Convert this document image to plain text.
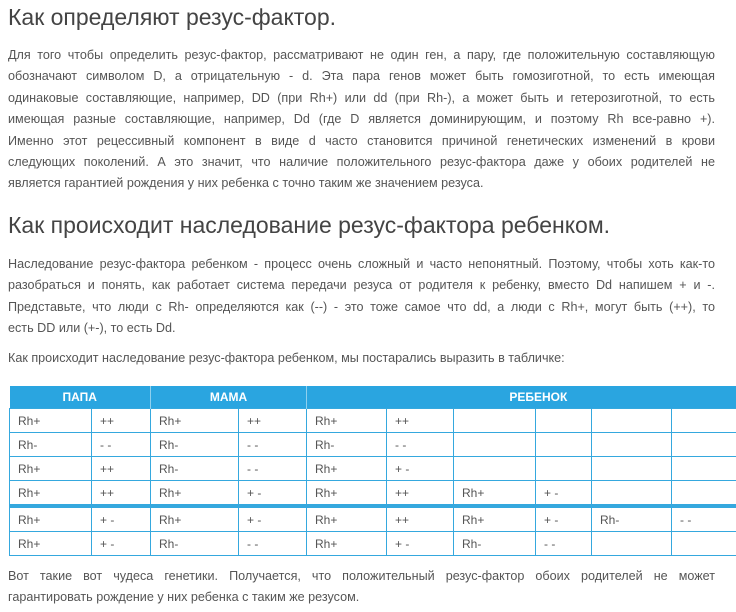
Как определяют резус-фактор.
Для того чтобы определить резус-фактор, рассматривают не один ген, а пару, где положительную составляющую
обозначают символом D, а отрицательную - d. Эта пара генов может быть гомозиготной, то есть имеющая
одинаковые составляющие, например, DD (при Rh+) или dd (при Rh-), а может быть и гетерозиготной, то есть
имеющая разные составляющие, например, Dd (где D является доминирующим, и поэтому Rh все-равно +).
Именно этот рецессивный компонент в виде d часто становится причиной генетических изменений в крови
следующих поколений. А это значит, что наличие положительного резус-фактора даже у обоих родителей не
является гарантией рождения у них ребенка с точно таким же значением резуса.
Как происходит наследование резус-фактора ребенком.
Наследование резус-фактора ребенком - процесс очень сложный и часто непонятный. Поэтому, чтобы хоть как-то
разобраться и понять, как работает система передачи резуса от родителя к ребенку, вместо Dd напишем + и -.
Представьте, что люди с Rh- определяются как (--) - это тоже самое что dd, а люди с Rh+, могут быть (++), то
есть DD или (+-), то есть Dd.
Как происходит наследование резус-фактора ребенком, мы постарались выразить в табличке:
ПАПА		МАМА		РЕБЕНОК					
Rh+	++	Rh+	++	Rh+	++				
Rh-	- -	Rh-	- -	Rh-	- -				
Rh+	++	Rh-	- -	Rh+	+ -				
Rh+	++	Rh+	+ -	Rh+	++	Rh+	+ -		
Rh+	+ -	Rh+	+ -	Rh+	++	Rh+	+ -	Rh-	- -
Rh+	+ -	Rh-	- -	Rh+	+ -	Rh-	- -		
Вот такие вот чудеса генетики. Получается, что положительный резус-фактор обоих родителей не может
гарантировать рождение у них ребенка с таким же резусом.
